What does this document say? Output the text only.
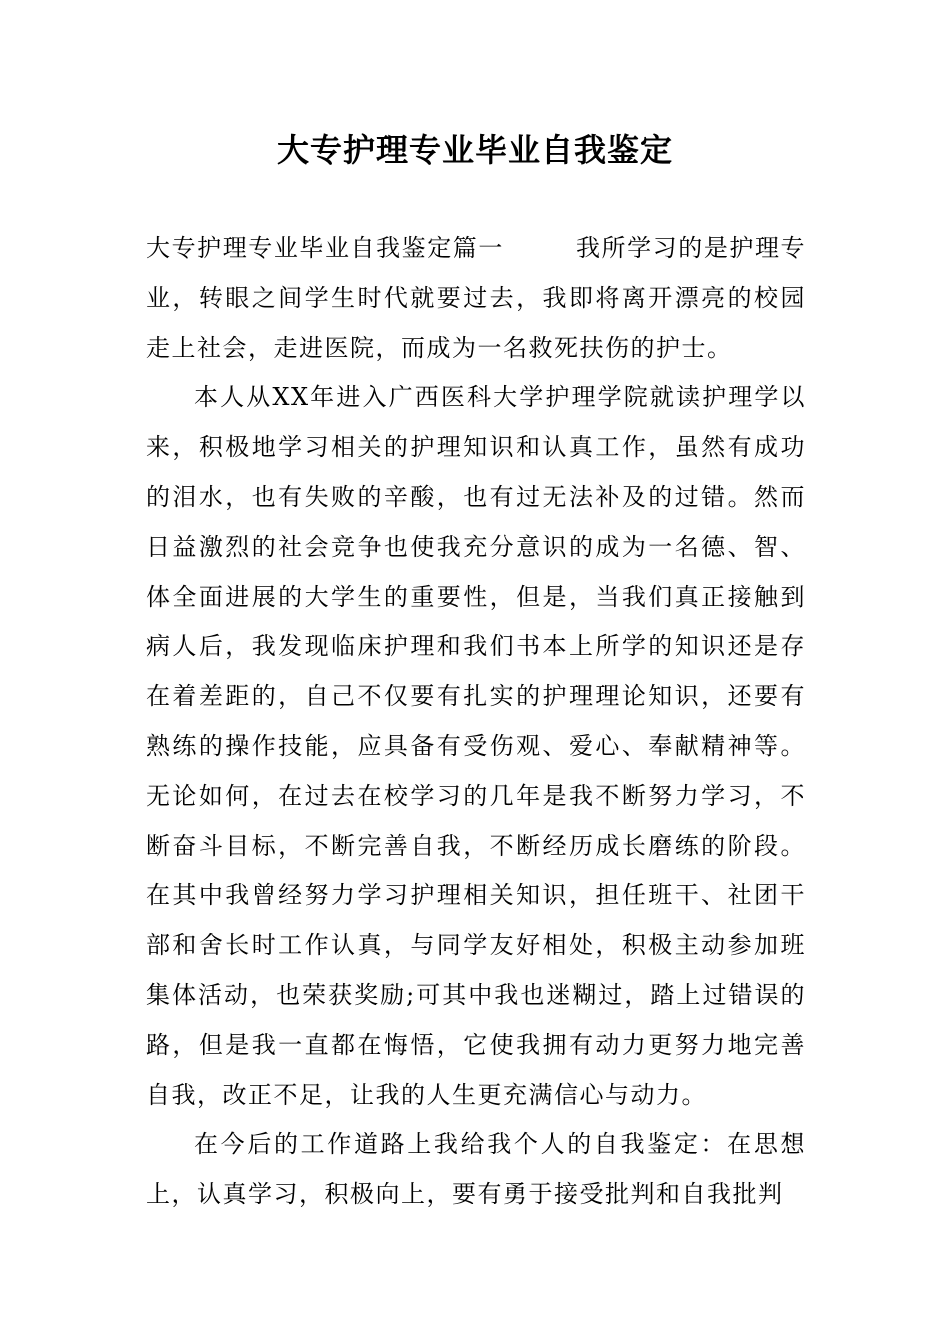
大专护理专业毕业自我鉴定

大专护理专业毕业自我鉴定篇一	我所学习的是护理专业，转眼之间学生时代就要过去，我即将离开漂亮的校园走上社会，走进医院，而成为一名救死扶伤的护士。

本人从XX年进入广西医科大学护理学院就读护理学以来，积极地学习相关的护理知识和认真工作，虽然有成功的泪水，也有失败的辛酸，也有过无法补及的过错。然而日益激烈的社会竞争也使我充分意识的成为一名德、智、体全面进展的大学生的重要性，但是，当我们真正接触到病人后，我发现临床护理和我们书本上所学的知识还是存在着差距的，自己不仅要有扎实的护理理论知识，还要有熟练的操作技能，应具备有受伤观、爱心、奉献精神等。无论如何，在过去在校学习的几年是我不断努力学习，不断奋斗目标，不断完善自我，不断经历成长磨练的阶段。在其中我曾经努力学习护理相关知识，担任班干、社团干部和舍长时工作认真，与同学友好相处，积极主动参加班集体活动，也荣获奖励;可其中我也迷糊过，踏上过错误的路，但是我一直都在悔悟，它使我拥有动力更努力地完善自我，改正不足，让我的人生更充满信心与动力。

在今后的工作道路上我给我个人的自我鉴定：在思想上，认真学习，积极向上，要有勇于接受批判和自我批判
